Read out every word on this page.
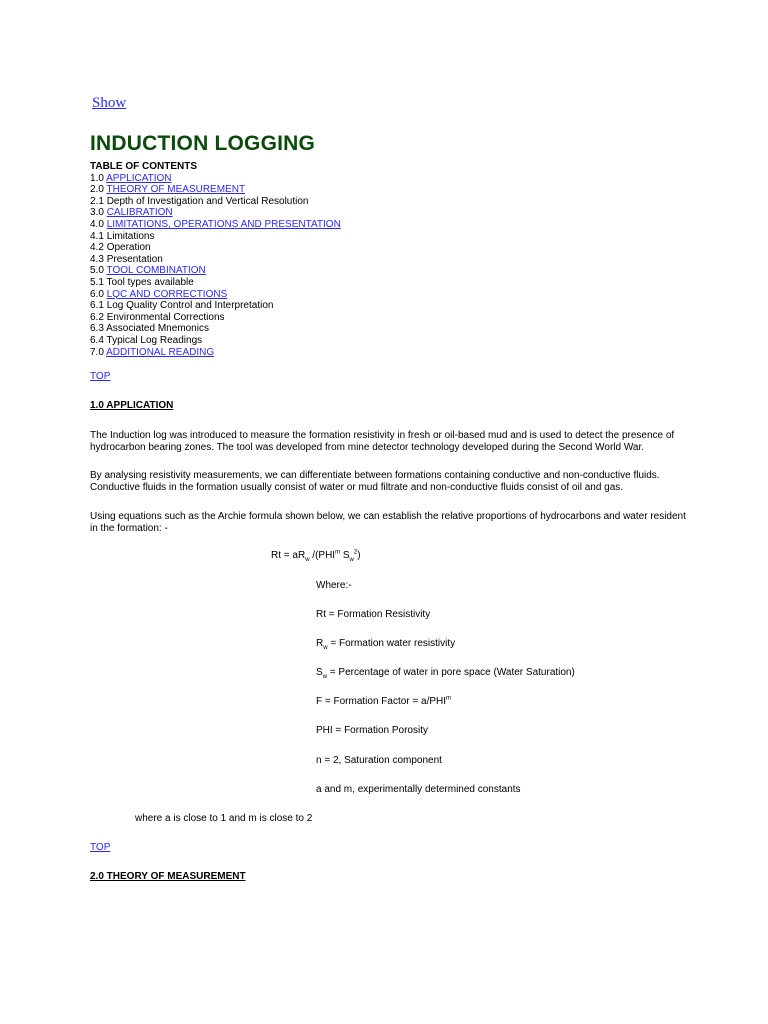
Show
INDUCTION LOGGING
TABLE OF CONTENTS
1.0 APPLICATION
2.0 THEORY OF MEASUREMENT
2.1 Depth of Investigation and Vertical Resolution
3.0 CALIBRATION
4.0 LIMITATIONS, OPERATIONS AND PRESENTATION
4.1 Limitations
4.2 Operation
4.3 Presentation
5.0 TOOL COMBINATION
5.1 Tool types available
6.0 LQC AND CORRECTIONS
6.1 Log Quality Control and Interpretation
6.2 Environmental Corrections
6.3 Associated Mnemonics
6.4 Typical Log Readings
7.0 ADDITIONAL READING
TOP
1.0 APPLICATION
The Induction log was introduced to measure the formation resistivity in fresh or oil-based mud and is used to detect the presence of hydrocarbon bearing zones. The tool was developed from mine detector technology developed during the Second World War.
By analysing resistivity measurements, we can differentiate between formations containing conductive and non-conductive fluids. Conductive fluids in the formation usually consist of water or mud filtrate and non-conductive fluids consist of oil and gas.
Using equations such as the Archie formula shown below, we can establish the relative proportions of hydrocarbons and water resident in the formation: -
$Rt = aR_w$ /(PHI$^m$ $S_w^2$)
Where:-
Rt = Formation Resistivity
$R_w$ = Formation water resistivity
$S_w$ = Percentage of water in pore space (Water Saturation)
F = Formation Factor = $a/PHI^m$
PHI = Formation Porosity
n = 2, Saturation component
a and m, experimentally determined constants
where a is close to 1 and m is close to 2
TOP
2.0 THEORY OF MEASUREMENT
